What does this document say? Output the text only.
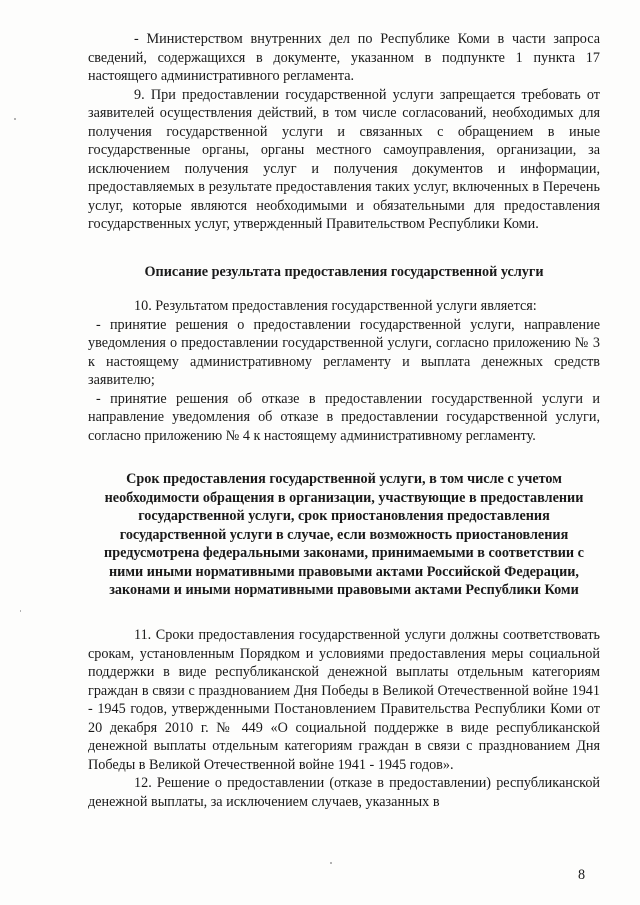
- Министерством внутренних дел по Республике Коми в части запроса сведений, содержащихся в документе, указанном в подпункте 1 пункта 17 настоящего административного регламента.

9. При предоставлении государственной услуги запрещается требовать от заявителей осуществления действий, в том числе согласований, необходимых для получения государственной услуги и связанных с обращением в иные государственные органы, органы местного самоуправления, организации, за исключением получения услуг и получения документов и информации, предоставляемых в результате предоставления таких услуг, включенных в Перечень услуг, которые являются необходимыми и обязательными для предоставления государственных услуг, утвержденный Правительством Республики Коми.

Описание результата предоставления государственной услуги

10. Результатом предоставления государственной услуги является:

- принятие решения о предоставлении государственной услуги, направление уведомления о предоставлении государственной услуги, согласно приложению № 3 к настоящему административному регламенту и выплата денежных средств заявителю;

- принятие решения об отказе в предоставлении государственной услуги и направление уведомления об отказе в предоставлении государственной услуги, согласно приложению № 4 к настоящему административному регламенту.

Срок предоставления государственной услуги, в том числе с учетом необходимости обращения в организации, участвующие в предоставлении государственной услуги, срок приостановления предоставления государственной услуги в случае, если возможность приостановления предусмотрена федеральными законами, принимаемыми в соответствии с ними иными нормативными правовыми актами Российской Федерации, законами и иными нормативными правовыми актами Республики Коми

11. Сроки предоставления государственной услуги должны соответствовать срокам, установленным Порядком и условиями предоставления меры социальной поддержки в виде республиканской денежной выплаты отдельным категориям граждан в связи с празднованием Дня Победы в Великой Отечественной войне 1941 - 1945 годов, утвержденными Постановлением Правительства Республики Коми от 20 декабря 2010 г. № 449 «О социальной поддержке в виде республиканской денежной выплаты отдельным категориям граждан в связи с празднованием Дня Победы в Великой Отечественной войне 1941 - 1945 годов».

12. Решение о предоставлении (отказе в предоставлении) республиканской денежной выплаты, за исключением случаев, указанных в

8
